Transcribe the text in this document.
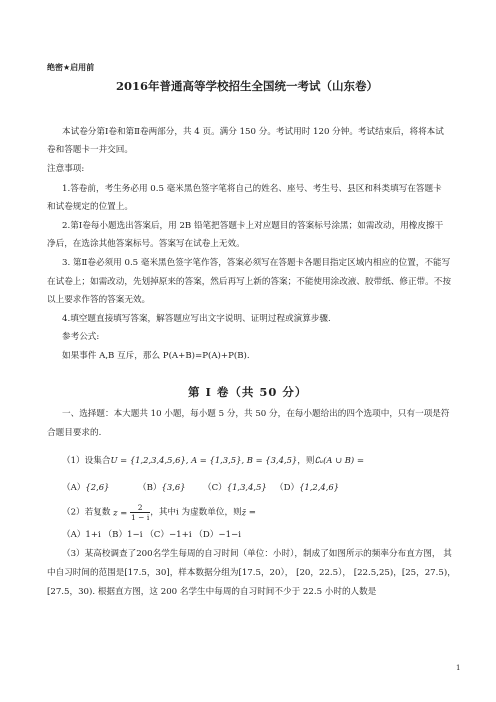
绝密★启用前
2016年普通高等学校招生全国统一考试（山东卷）
本试卷分第Ⅰ卷和第Ⅱ卷两部分，共 4 页。满分 150 分。考试用时 120 分钟。考试结束后，将将本试
卷和答题卡一并交回。
注意事项:
1.答卷前，考生务必用 0.5 毫米黑色签字笔将自己的姓名、座号、考生号、县区和科类填写在答题卡
和试卷规定的位置上。
2.第Ⅰ卷每小题选出答案后，用 2B 铅笔把答题卡上对应题目的答案标号涂黑；如需改动，用橡皮擦干
净后，在选涂其他答案标号。答案写在试卷上无效。
3. 第Ⅱ卷必须用 0.5 毫米黑色签字笔作答，答案必须写在答题卡各题目指定区域内相应的位置，不能写
在试卷上；如需改动，先划掉原来的答案，然后再写上新的答案；不能使用涂改液、胶带纸、修正带。不按
以上要求作答的答案无效。
4.填空题直接填写答案，解答题应写出文字说明、证明过程或演算步骤.
参考公式:
如果事件 A,B 互斥，那么 P(A+B)=P(A)+P(B).
第 Ⅰ 卷（共 50 分）
一、选择题：本大题共 10 小题，每小题 5 分，共 50 分，在每小题给出的四个选项中，只有一项是符
合题目要求的.
（1）设集合U = {1,2,3,4,5,6}, A = {1,3,5}, B = {3,4,5}，则∁ᵤ(A ∪ B) =
（A）{2,6}	（B）{3,6} （C）{1,3,4,5} （D）{1,2,4,6}
（2）若复数 $z = \frac{2}{1 - i}$ ，其中i 为虚数单位，则z̄ =
（A）1+i （B）1−i （C）−1+i （D）−1−i
（3）某高校调查了200名学生每周的自习时间（单位：小时），制成了如图所示的频率分布直方图， 其
中自习时间的范围是[17.5，30]，样本数据分组为[17.5，20）， [20，22.5）， [22.5,25)，[25，27.5)，
[27.5，30). 根据直方图，这 200 名学生中每周的自习时间不少于 22.5 小时的人数是
1
